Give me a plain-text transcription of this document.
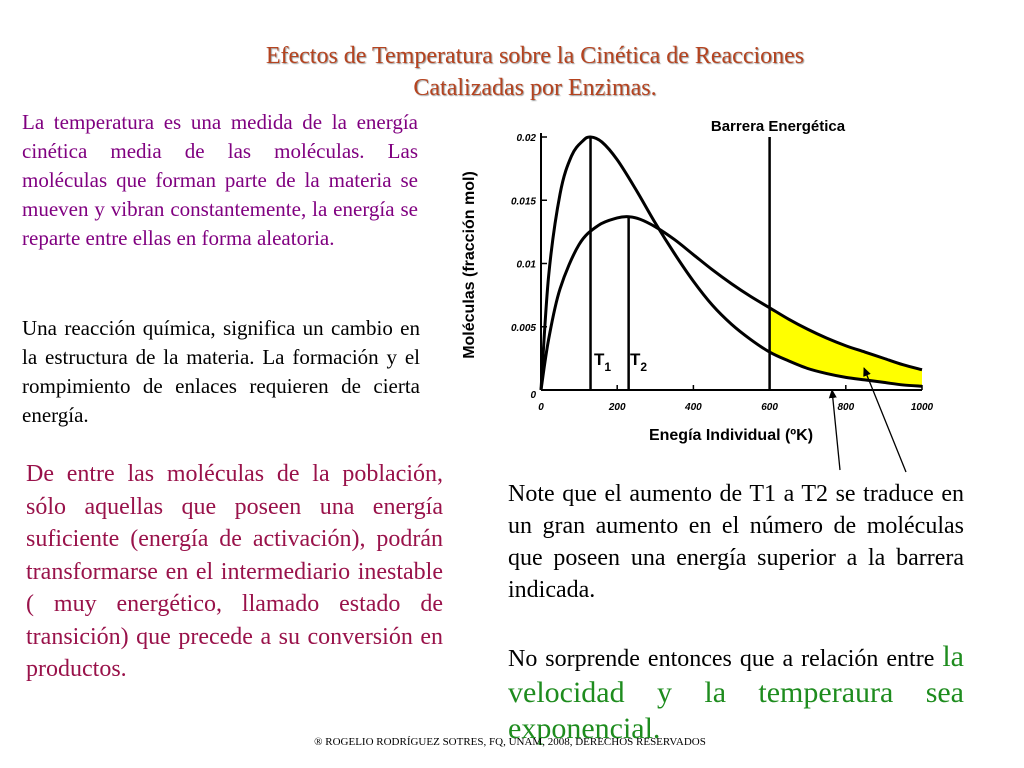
Efectos de Temperatura sobre la Cinética de Reacciones
Catalizadas por Enzimas.
La temperatura es una medida de la energía cinética media de las moléculas. Las moléculas que forman parte de la materia se mueven y vibran constantemente, la energía se reparte entre ellas en forma aleatoria.
Una reacción química, significa un cambio en la estructura de la materia. La formación y el rompimiento de enlaces requieren de cierta energía.
De entre las moléculas de la población, sólo aquellas que poseen una energía suficiente (energía de activación), podrán transformarse en el intermediario inestable ( muy energético, llamado estado de transición) que precede a su conversión en productos.
Note que el aumento de T1 a T2 se traduce en un gran aumento en el número de moléculas que poseen una energía superior a la barrera indicada.
No sorprende entonces que a relación entre la velocidad y la temperaura sea exponencial.
® ROGELIO RODRÍGUEZ SOTRES, FQ, UNAM, 2008, DERECHOS RESERVADOS
0
0.005
0.01
0.015
0.02
0	200	400	600	800	1000
Enegía Individual (ºK)
Moléculas (fracción mol)
$T_1$ $T_2$
Barrera Energética
